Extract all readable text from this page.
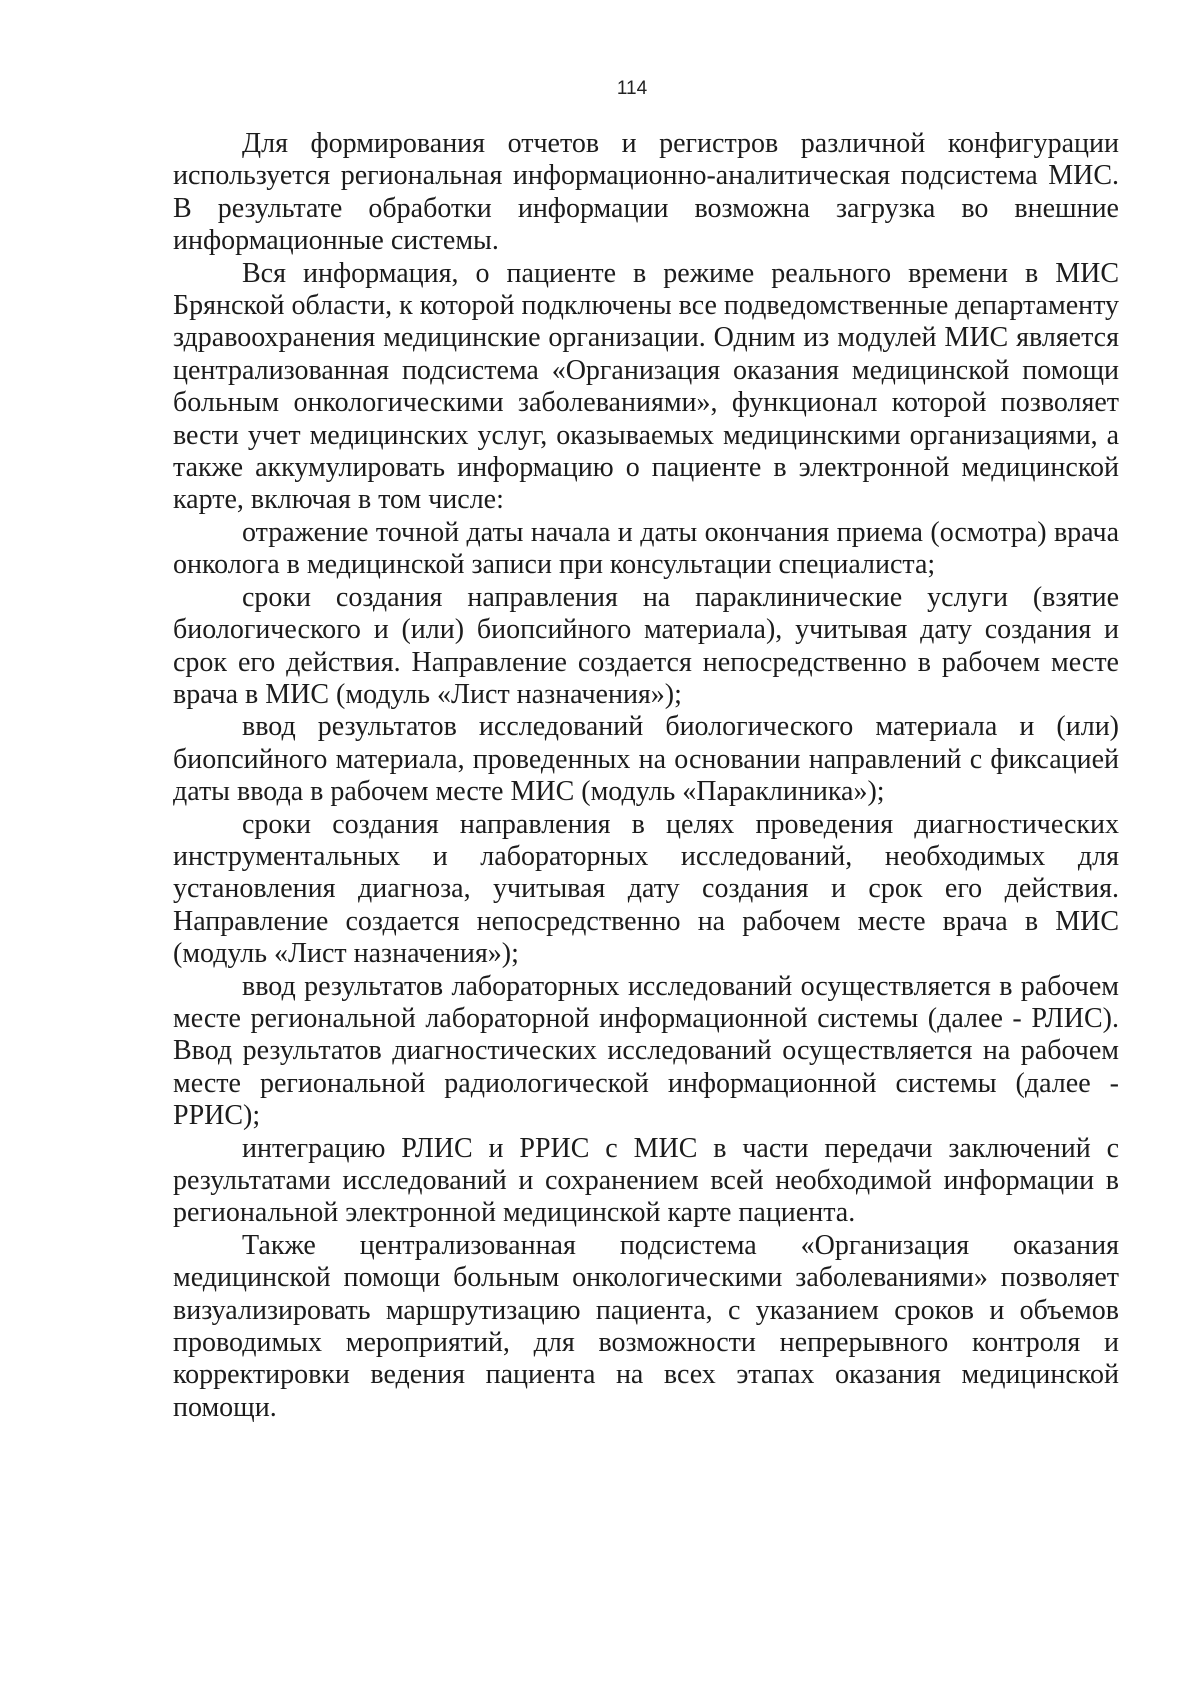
114

Для формирования отчетов и регистров различной конфигурации используется региональная информационно-аналитическая подсистема МИС. В результате обработки информации возможна загрузка во внешние информационные системы.

Вся информация, о пациенте в режиме реального времени в МИС Брянской области, к которой подключены все подведомственные департаменту здравоохранения медицинские организации. Одним из модулей МИС является централизованная подсистема «Организация оказания медицинской помощи больным онкологическими заболеваниями», функционал которой позволяет вести учет медицинских услуг, оказываемых медицинскими организациями, а также аккумулировать информацию о пациенте в электронной медицинской карте, включая в том числе:

отражение точной даты начала и даты окончания приема (осмотра) врача онколога в медицинской записи при консультации специалиста;

сроки создания направления на параклинические услуги (взятие биологического и (или) биопсийного материала), учитывая дату создания и срок его действия. Направление создается непосредственно в рабочем месте врача в МИС (модуль «Лист назначения»);

ввод результатов исследований биологического материала и (или) биопсийного материала, проведенных на основании направлений с фиксацией даты ввода в рабочем месте МИС (модуль «Параклиника»);

сроки создания направления в целях проведения диагностических инструментальных и лабораторных исследований, необходимых для установления диагноза, учитывая дату создания и срок его действия. Направление создается непосредственно на рабочем месте врача в МИС (модуль «Лист назначения»);

ввод результатов лабораторных исследований осуществляется в рабочем месте региональной лабораторной информационной системы (далее - РЛИС). Ввод результатов диагностических исследований осуществляется на рабочем месте региональной радиологической информационной системы (далее - РРИС);

интеграцию РЛИС и РРИС с МИС в части передачи заключений с результатами исследований и сохранением всей необходимой информации в региональной электронной медицинской карте пациента.

Также централизованная подсистема «Организация оказания медицинской помощи больным онкологическими заболеваниями» позволяет визуализировать маршрутизацию пациента, с указанием сроков и объемов проводимых мероприятий, для возможности непрерывного контроля и корректировки ведения пациента на всех этапах оказания медицинской помощи.
